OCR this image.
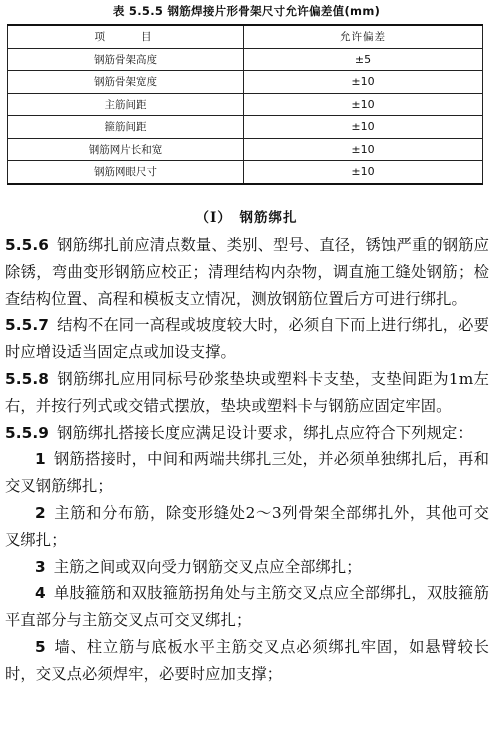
表 5.5.5 钢筋焊接片形骨架尺寸允许偏差值(mm)
项　　目	允许偏差
钢筋骨架高度	±5
钢筋骨架宽度	±10
主筋间距	±10
箍筋间距	±10
钢筋网片长和宽	±10
钢筋网眼尺寸	±10
（Ⅰ）　钢筋绑扎

5.5.6 钢筋绑扎前应清点数量、类别、型号、直径，锈蚀严重的钢筋应除锈，弯曲变形钢筋应校正；清理结构内杂物，调直施工缝处钢筋；检查结构位置、高程和模板支立情况，测放钢筋位置后方可进行绑扎。

5.5.7 结构不在同一高程或坡度较大时，必须自下而上进行绑扎，必要时应增设适当固定点或加设支撑。

5.5.8 钢筋绑扎应用同标号砂浆垫块或塑料卡支垫，支垫间距为1m左右，并按行列式或交错式摆放，垫块或塑料卡与钢筋应固定牢固。

5.5.9 钢筋绑扎搭接长度应满足设计要求，绑扎点应符合下列规定：

1 钢筋搭接时，中间和两端共绑扎三处，并必须单独绑扎后，再和交叉钢筋绑扎；

2 主筋和分布筋，除变形缝处2～3列骨架全部绑扎外，其他可交叉绑扎；

3 主筋之间或双向受力钢筋交叉点应全部绑扎；

4 单肢箍筋和双肢箍筋拐角处与主筋交叉点应全部绑扎，双肢箍筋平直部分与主筋交叉点可交叉绑扎；

5 墙、柱立筋与底板水平主筋交叉点必须绑扎牢固，如悬臂较长时，交叉点必须焊牢，必要时应加支撑；
